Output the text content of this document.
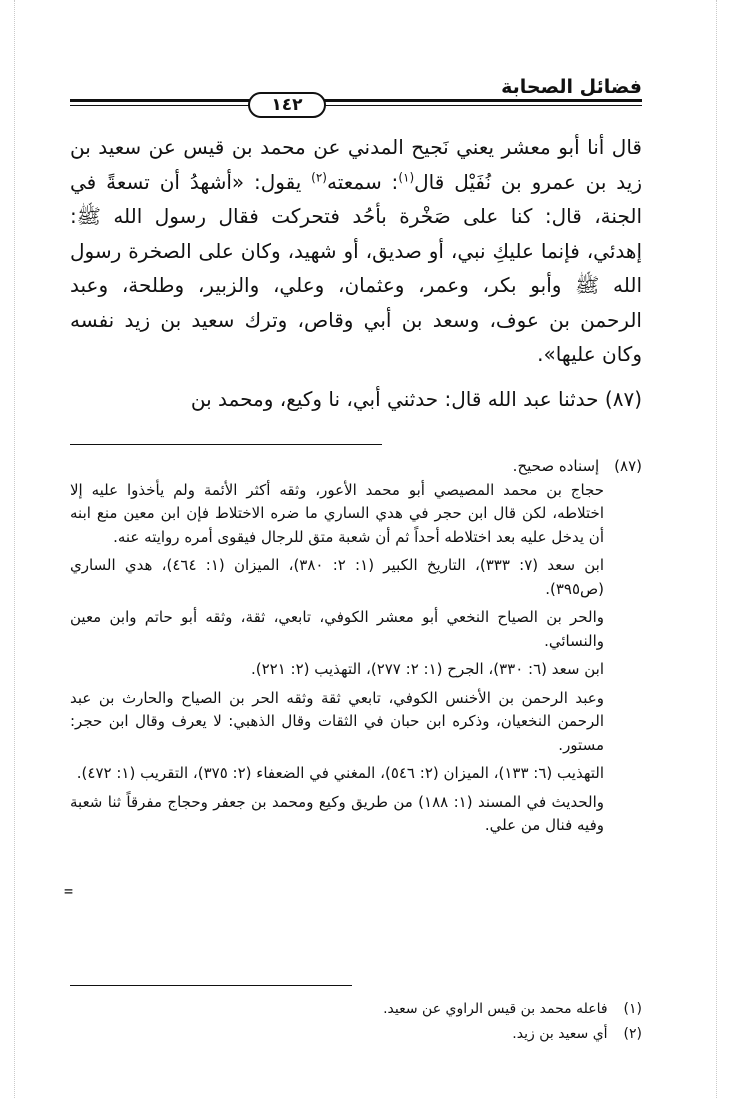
فضائل الصحابة
١٤٢

قال أنا أبو معشر يعني نَجيح المدني عن محمد بن قيس عن سعيد بن زيد بن عمرو بن نُفَيْل قال$^{(١)}$: سمعته$^{(٢)}$ يقول: «أشهدُ أن تسعةً في الجنة، قال: كنا على صَخْرة بأحُد فتحركت فقال رسول الله ﷺ: إهدئي، فإنما عليكِ نبي، أو صديق، أو شهيد، وكان على الصخرة رسول الله ﷺ وأبو بكر، وعمر، وعثمان، وعلي، والزبير، وطلحة، وعبد الرحمن بن عوف، وسعد بن أبي وقاص، وترك سعيد بن زيد نفسه وكان عليها».

(٨٧) حدثنا عبد الله قال: حدثني أبي، نا وكيع، ومحمد بن

(٨٧) إسناده صحيح.

حجاج بن محمد المصيصي أبو محمد الأعور، وثقه أكثر الأئمة ولم يأخذوا عليه إلا اختلاطه، لكن قال ابن حجر في هدي الساري ما ضره الاختلاط فإن ابن معين منع ابنه أن يدخل عليه بعد اختلاطه أحداً ثم أن شعبة متق للرجال فيقوى أمره روايته عنه.

ابن سعد (٧: ٣٣٣)، التاريخ الكبير (١: ٢: ٣٨٠)، الميزان (١: ٤٦٤)، هدي الساري (ص٣٩٥).

والحر بن الصياح النخعي أبو معشر الكوفي، تابعي، ثقة، وثقه أبو حاتم وابن معين والنسائي.

ابن سعد (٦: ٣٣٠)، الجرح (١: ٢: ٢٧٧)، التهذيب (٢: ٢٢١).

وعبد الرحمن بن الأخنس الكوفي، تابعي ثقة وثقه الحر بن الصياح والحارث بن عبد الرحمن النخعيان، وذكره ابن حبان في الثقات وقال الذهبي: لا يعرف وقال ابن حجر: مستور.

التهذيب (٦: ١٣٣)، الميزان (٢: ٥٤٦)، المغني في الضعفاء (٢: ٣٧٥)، التقريب (١: ٤٧٢).

والحديث في المسند (١: ١٨٨) من طريق وكيع ومحمد بن جعفر وحجاج مفرقاً ثنا شعبة وفيه فنال من علي.

=

(١) فاعله محمد بن قيس الراوي عن سعيد.

(٢) أي سعيد بن زيد.
